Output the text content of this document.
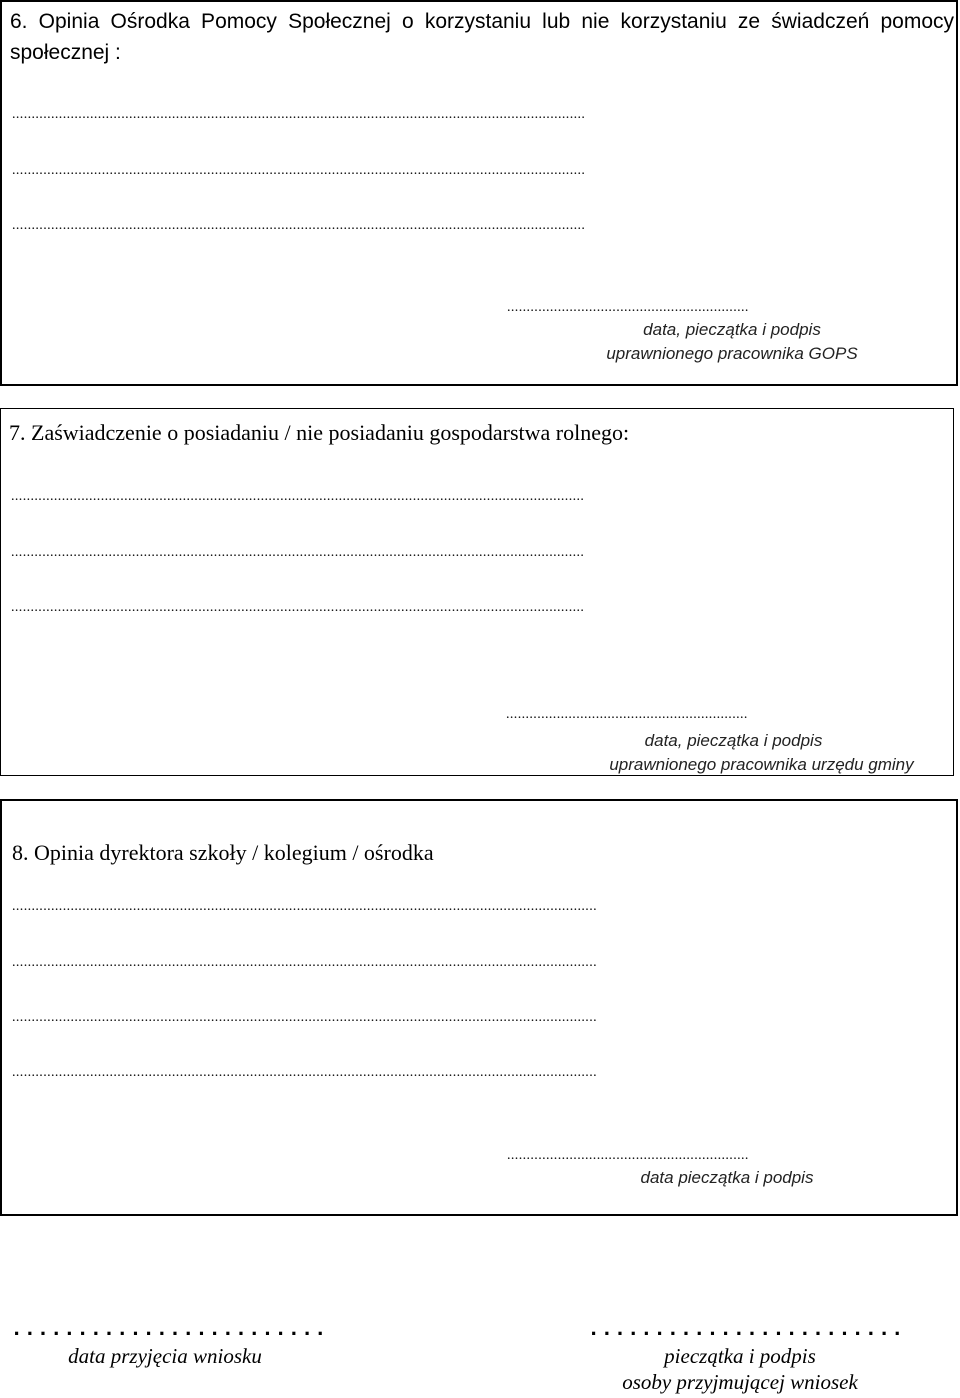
6. Opinia Ośrodka Pomocy Społecznej o korzystaniu lub nie korzystaniu ze świadczeń pomocy społecznej :

...................................................................................................................................................
...................................................................................................................................................
...................................................................................................................................................
..............................................................
data, pieczątka i podpis
uprawnionego pracownika GOPS

7. Zaświadczenie o posiadaniu / nie posiadaniu gospodarstwa rolnego:

...................................................................................................................................................
...................................................................................................................................................
...................................................................................................................................................
..............................................................
data, pieczątka i podpis
uprawnionego pracownika urzędu gminy

8. Opinia dyrektora szkoły / kolegium / ośrodka

......................................................................................................................................................
......................................................................................................................................................
......................................................................................................................................................
......................................................................................................................................................
..............................................................
data pieczątka i podpis
........................
data przyjęcia wniosku
........................
pieczątka i podpis
osoby przyjmującej wniosek
